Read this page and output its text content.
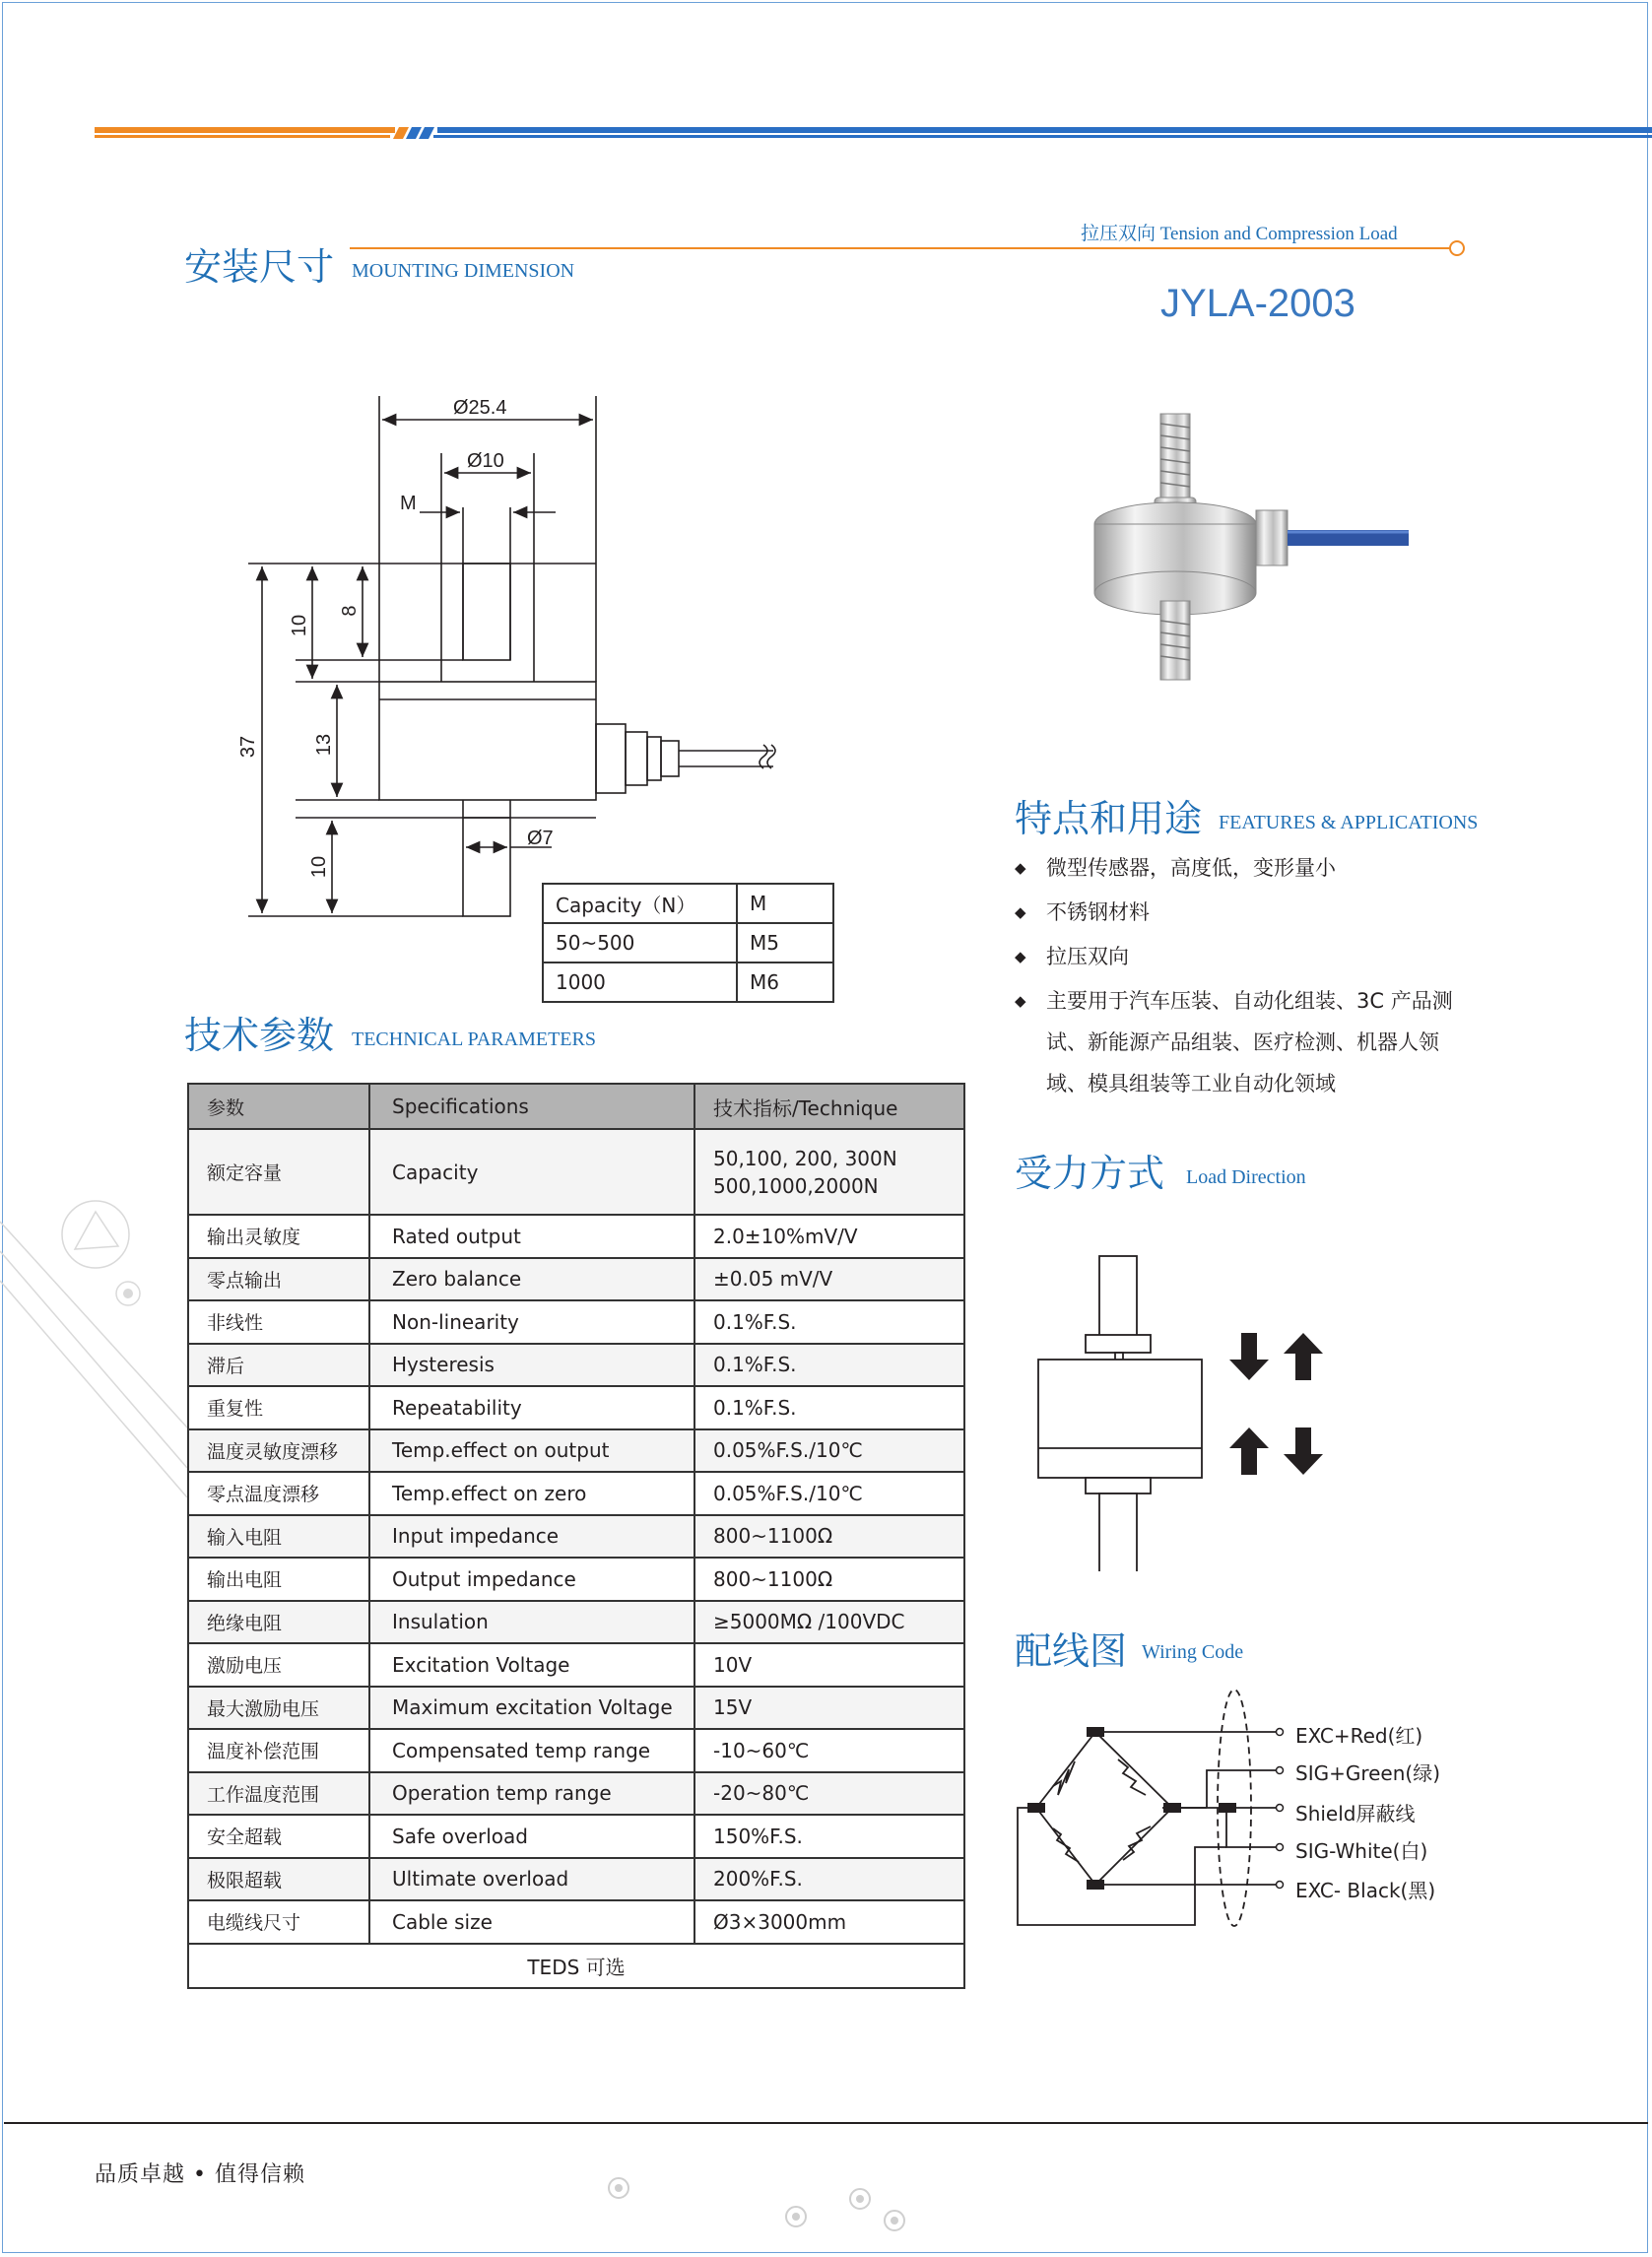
安装尺寸 MOUNTING DIMENSION
拉压双向 Tension and Compression Load
JYLA-2003
Ø25.4
Ø10
M
37
10
8
13
10
Ø7
Capacity（N）	M
50~500	M5
1000	M6
特点和用途 FEATURES & APPLICATIONS
◆ 微型传感器，高度低，变形量小
◆ 不锈钢材料
◆ 拉压双向
◆ 主要用于汽车压装、自动化组装、3C 产品测
试、新能源产品组装、医疗检测、机器人领
域、模具组装等工业自动化领域
受力方式 Load Direction
配线图 Wiring Code
EXC+Red(红)
SIG+Green(绿)
Shield屏蔽线
SIG-White(白)
EXC- Black(黑)
技术参数 TECHNICAL PARAMETERS
参数	Specifications	技术指标/Technique
额定容量	Capacity	50,100, 200, 300N
500,1000,2000N

输出灵敏度	Rated output	2.0±10%mV/V
零点输出	Zero balance	±0.05 mV/V
非线性	Non-linearity	0.1%F.S.
滞后	Hysteresis	0.1%F.S.
重复性	Repeatability	0.1%F.S.
温度灵敏度漂移	Temp.effect on output	0.05%F.S./10℃
零点温度漂移	Temp.effect on zero	0.05%F.S./10℃
输入电阻	Input impedance	800~1100Ω
输出电阻	Output impedance	800~1100Ω
绝缘电阻	Insulation	≥5000MΩ /100VDC
激励电压	Excitation Voltage	10V
最大激励电压	Maximum excitation Voltage	15V
温度补偿范围	Compensated temp range	-10~60℃
工作温度范围	Operation temp range	-20~80℃
安全超载	Safe overload	150%F.S.
极限超载	Ultimate overload	200%F.S.
电缆线尺寸	Cable size	Ø3×3000mm
TEDS 可选		
品质卓越 • 值得信赖
